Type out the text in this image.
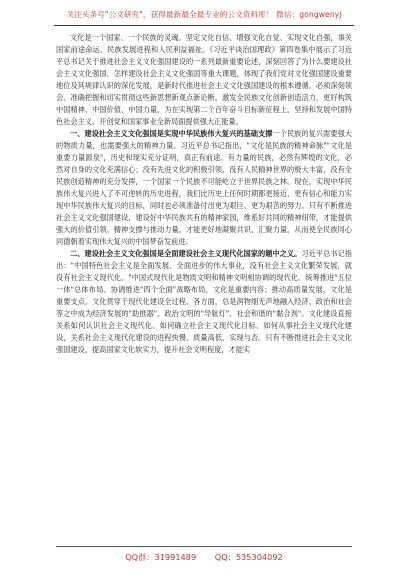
关注头条号"公文研究"，获得最新最全最专业的公文资料库！ 微信：gongwenyj

文化是一个国家、一个民族的灵魂。坚定文化自信、增强文化自觉、实现文化自强，事关国家前途命运、民族发展进程和人民利益福祉。《习近平谈治国理政》第四卷集中展示了习近平总书记关于推进社会主义文化强国建设的一系列最新重要论述，深刻回答了为什么要建设社会主义文化强国、怎样建设社会主义文化强国等重大课题，体现了我们党对文化强国建设重要地位及其规律认识的深化发展，是新时代推进社会主义文化强国建设的根本遵循。必须深刻领会、准确把握和切实贯彻这些新思想新观点新论断，激发全民族文化创新创造活力，更好构筑中国精神、中国价值、中国力量，为在实现第二个百年奋斗目标新征程上，坚持和发展中国特色社会主义、开创党和国家事业全新局面提供强大正能量。

一、建设社会主义文化强国是实现中华民族伟大复兴的基础支撑一个民族的复兴需要强大的物质力量，也需要强大的精神力量。习近平总书记指出，"文化是民族的精神命脉""文化是重要力量源泉"，历史和现实充分证明，真正有前途、有力量的民族，必然有辉煌的文化，必然对自身的文化充满信心；没有先进文化的积极引领，没有人民精神世界的极大丰富，没有全民族创造精神的充分发挥，一个国家一个民族不可能屹立于世界民族之林。现在，实现中华民族伟大复兴进入了不可逆转的历史进程，我们比历史上任何时期都更接近、更有信心和能力实现中华民族伟大复兴的目标，同时也必须准备付出更为艰巨、更为艰苦的努力。只有不断推进社会主义文化强国建设，建设好中华民族共有的精神家园，维系好共同的精神纽带，才能提供强大的价值引领、精神支撑与推动力量，才能更好地凝聚共识、汇聚力量，从而使全民族同心同德朝着实现伟大复兴的中国梦奋发前进。

二、建设社会主义文化强国是全面建设社会主义现代化国家的题中之义。习近平总书记指出："中国特色社会主义是全面发展、全面进步的伟大事业，没有社会主义文化繁荣发展，就没有社会主义现代化。"中国式现代化是物质文明和精神文明相协调的现代化。统筹推进"五位一体"总体布局、协调推进"四个全面"战略布局，文化是重要内容；推动高质量发展，文化是重要支点。文化贯穿于现代化建设全过程、各方面，总是润物细无声地融入经济、政治和社会等之中成为经济发展的"助推器"、政治文明的"导航灯"、社会和谐的"黏合剂"。文化建设直接关系如何认识社会主义现代化、如何确立社会主义现代化目标、如何从事社会主义现代化建设，关系社会主义现代化建设的进程快慢、质量高低、实现与否。只有不断推进社会主义文化强国建设，提高国家文化软实力，提升社会文明程度，才能实

QQ群：31991489 QQ：535304092
